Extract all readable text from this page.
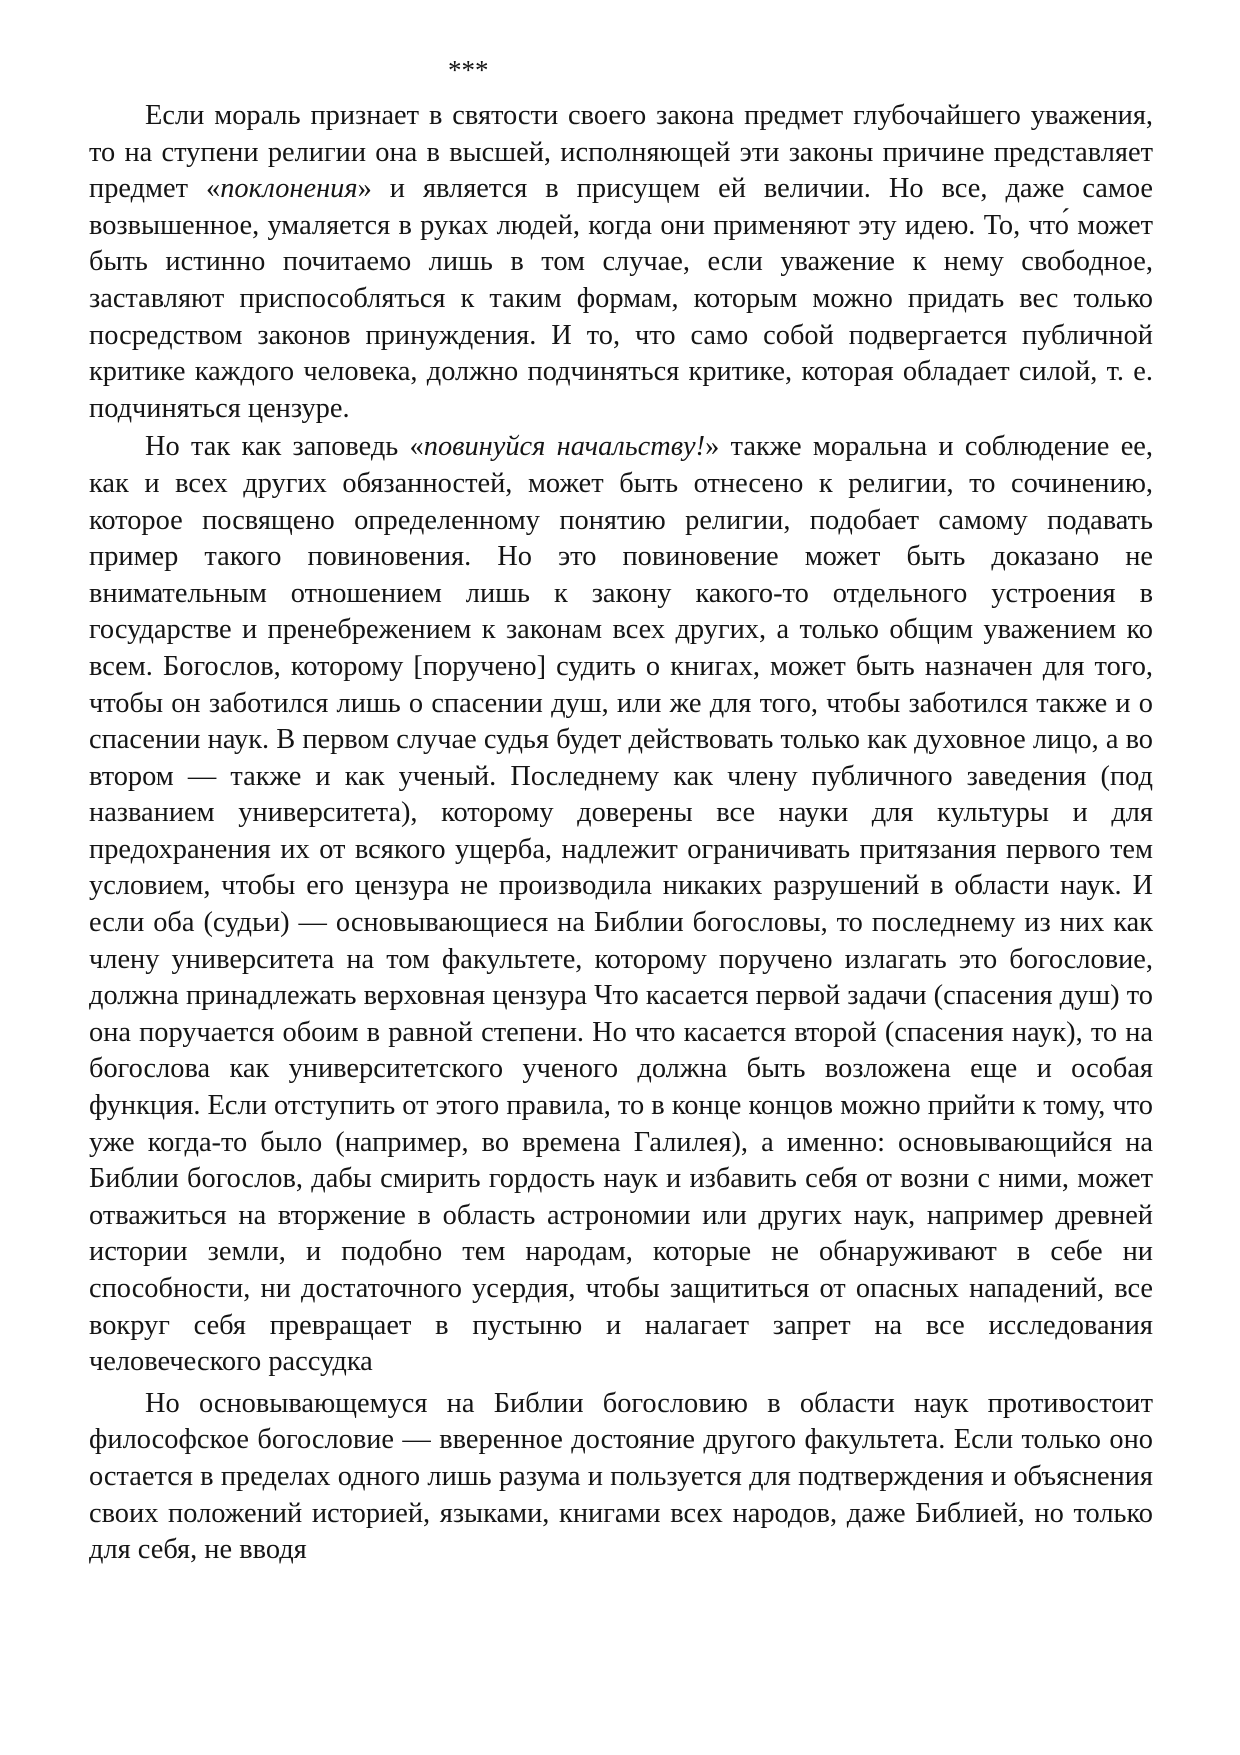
***

Если мораль признает в святости своего закона предмет глубочайшего уважения, то на ступени религии она в высшей, исполняющей эти законы причине представляет предмет «поклонения» и является в присущем ей величии. Но все, даже самое возвышенное, умаляется в руках людей, когда они применяют эту идею. То, что́ может быть истинно почитаемо лишь в том случае, если уважение к нему свободное, заставляют приспособляться к таким формам, которым можно придать вес только посредством законов принуждения. И то, что само собой подвергается публичной критике каждого человека, должно подчиняться критике, которая обладает силой, т. е. подчиняться цензуре.

Но так как заповедь «повинуйся начальству!» также моральна и соблюдение ее, как и всех других обязанностей, может быть отнесено к религии, то сочинению, которое посвящено определенному понятию религии, подобает самому подавать пример такого повиновения. Но это повиновение может быть доказано не внимательным отношением лишь к закону какого-то отдельного устроения в государстве и пренебрежением к законам всех других, а только общим уважением ко всем. Богослов, которому [поручено] судить о книгах, может быть назначен для того, чтобы он заботился лишь о спасении душ, или же для того, чтобы заботился также и о спасении наук. В первом случае судья будет действовать только как духовное лицо, а во втором — также и как ученый. Последнему как члену публичного заведения (под названием университета), которому доверены все науки для культуры и для предохранения их от всякого ущерба, надлежит ограничивать притязания первого тем условием, чтобы его цензура не производила никаких разрушений в области наук. И если оба (судьи) — основывающиеся на Библии богословы, то последнему из них как члену университета на том факультете, которому поручено излагать это богословие, должна принадлежать верховная цензура Что касается первой задачи (спасения душ) то она поручается обоим в равной степени. Но что касается второй (спасения наук), то на богослова как университетского ученого должна быть возложена еще и особая функция. Если отступить от этого правила, то в конце концов можно прийти к тому, что уже когда-то было (например, во времена Галилея), а именно: основывающийся на Библии богослов, дабы смирить гордость наук и избавить себя от возни с ними, может отважиться на вторжение в область астрономии или других наук, например древней истории земли, и подобно тем народам, которые не обнаруживают в себе ни способности, ни достаточного усердия, чтобы защититься от опасных нападений, все вокруг себя превращает в пустыню и налагает запрет на все исследования человеческого рассудка

Но основывающемуся на Библии богословию в области наук противостоит философское богословие — вверенное достояние другого факультета. Если только оно остается в пределах одного лишь разума и пользуется для подтверждения и объяснения своих положений историей, языками, книгами всех народов, даже Библией, но только для себя, не вводя
